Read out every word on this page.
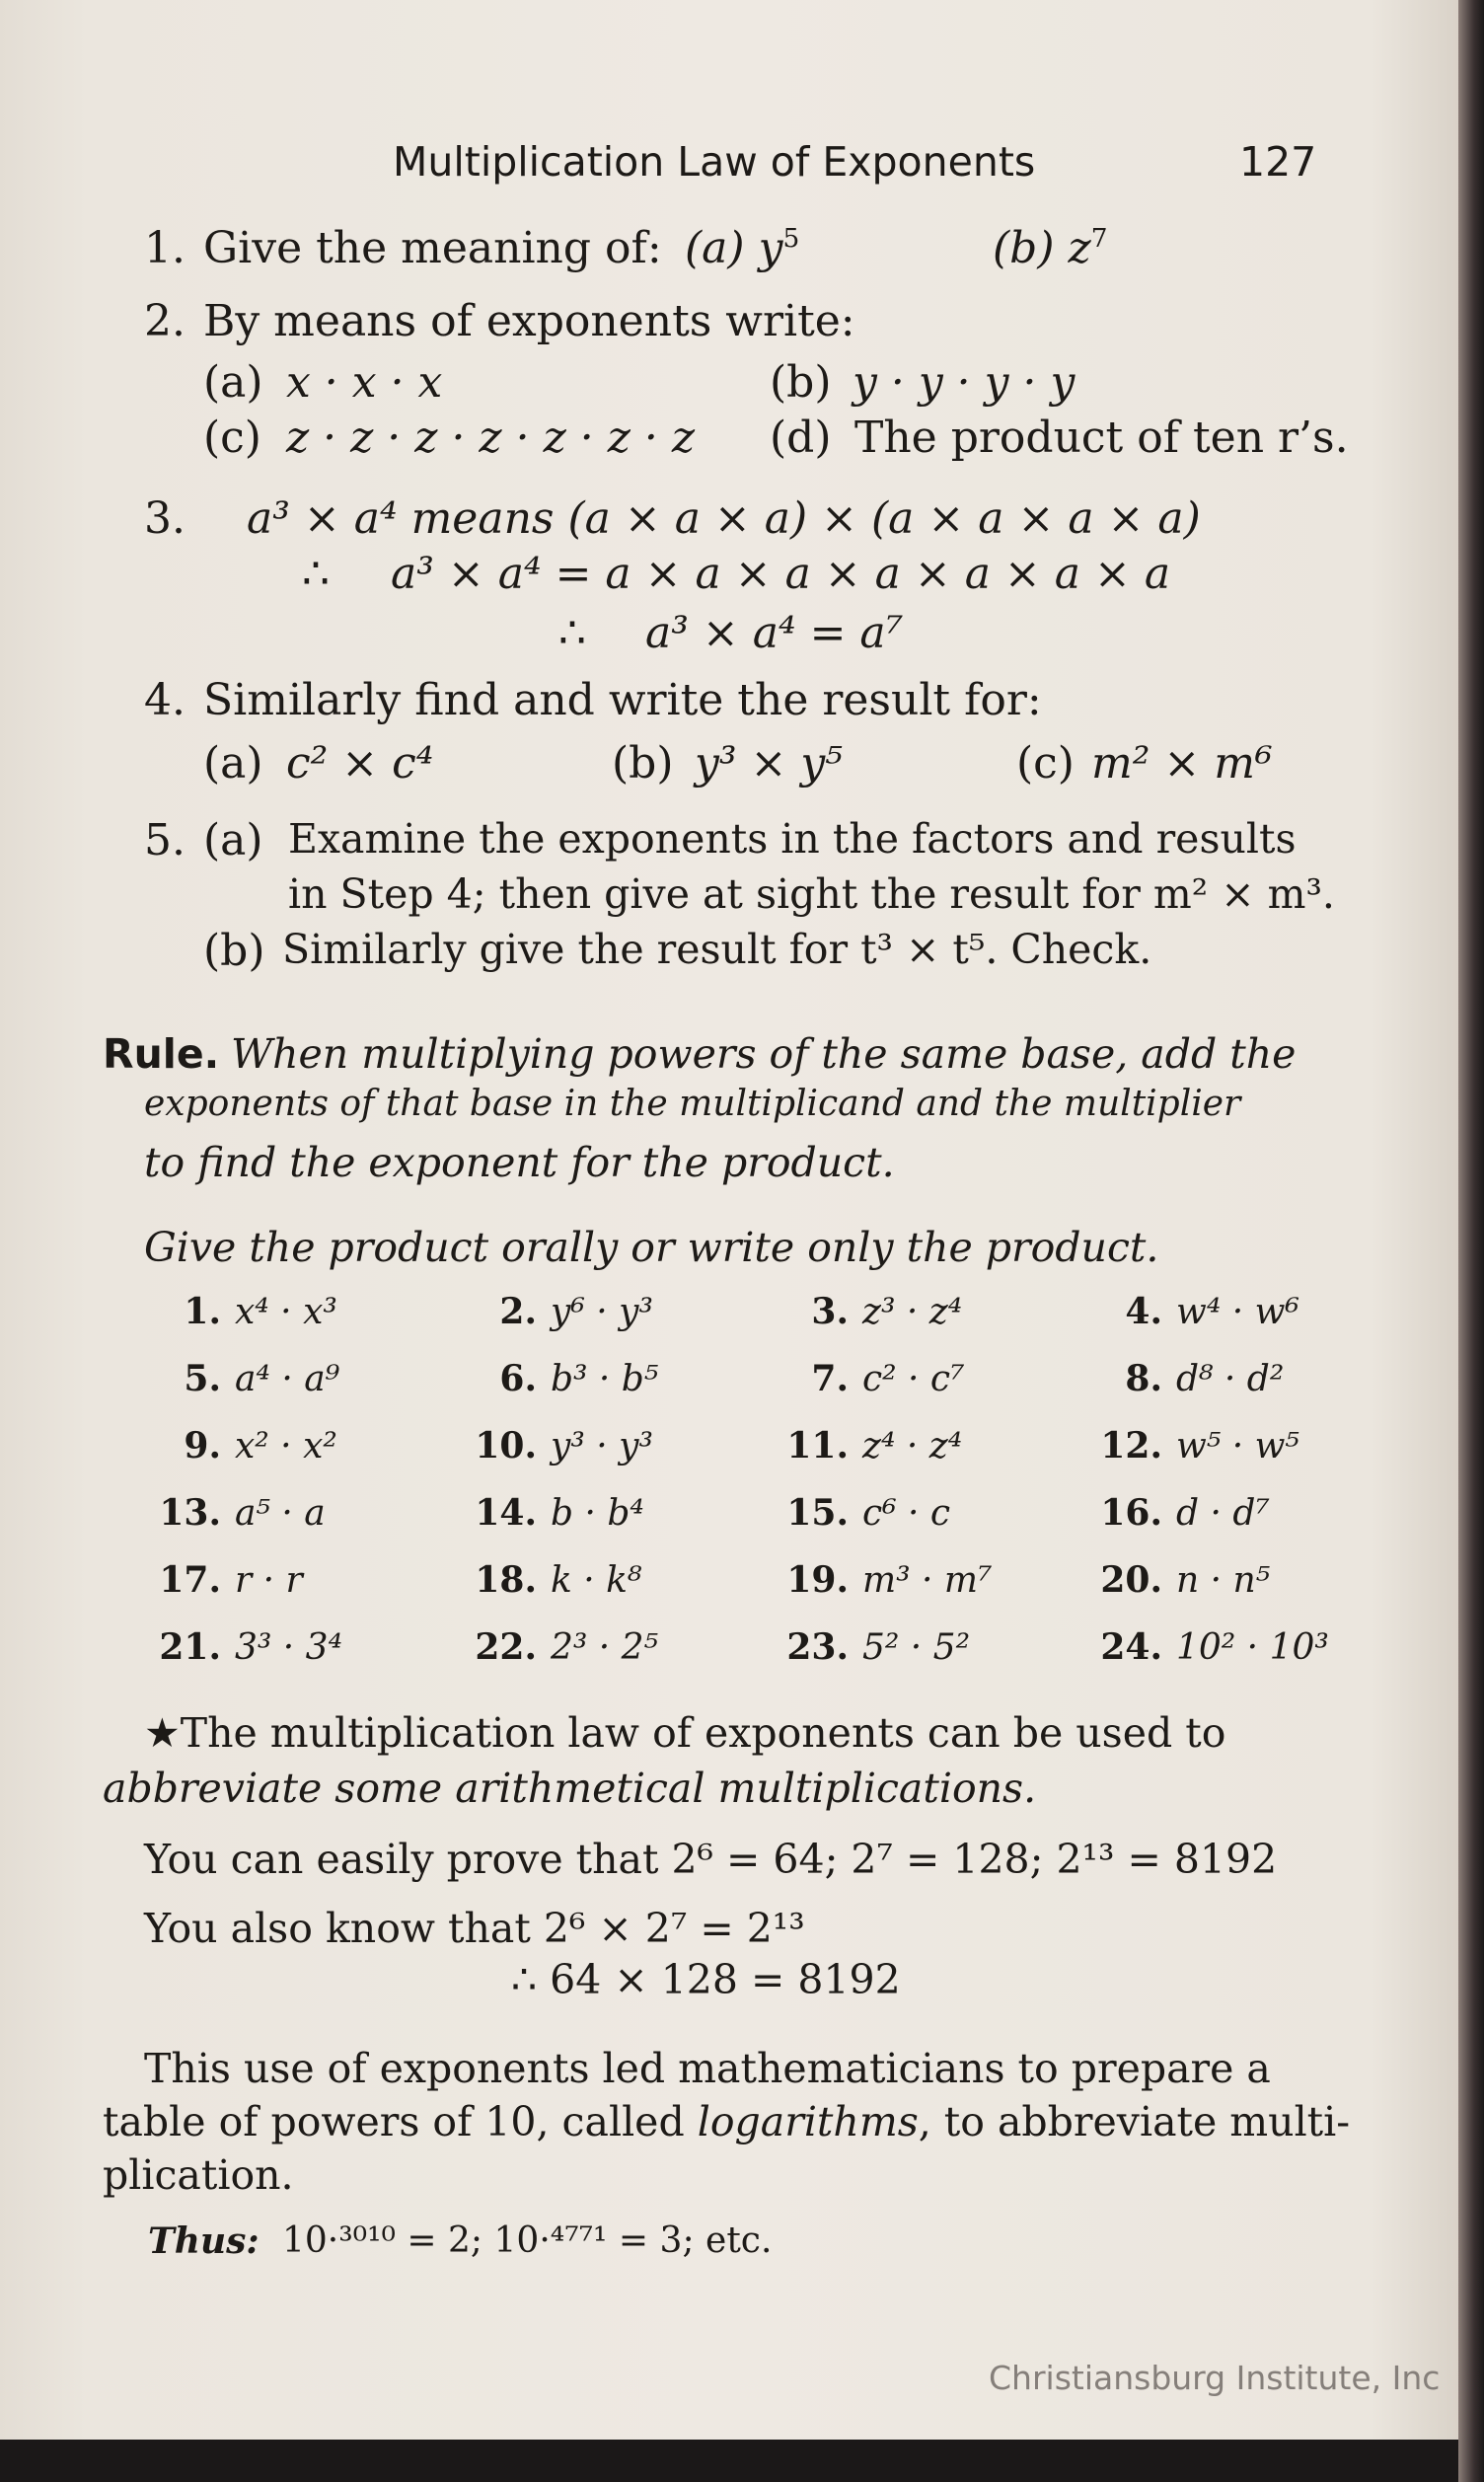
Multiplication Law of Exponents	127
1. Give the meaning of: (a) $y^5$	(b) $z^7$
2. By means of exponents write:
(a) x · x · x	(b) y · y · y · y
(c) z · z · z · z · z · z · z (d) The product of ten r’s.
3. a³ × a⁴ means (a × a × a) × (a × a × a × a)
∴ a³ × a⁴ = a × a × a × a × a × a × a
∴ a³ × a⁴ = a⁷
4. Similarly find and write the result for:
(a) c² × c⁴	(b) y³ × y⁵	(c) m² × m⁶
5. (a) Examine the exponents in the factors and results
in Step 4; then give at sight the result for m² × m³.
(b) Similarly give the result for t³ × t⁵. Check.
Rule. When multiplying powers of the same base, add the
exponents of that base in the multiplicand and the multiplier
to find the exponent for the product.
Give the product orally or write only the product.
1. x⁴ · x³	2. y⁶ · y³	3. z³ · z⁴	4. w⁴ · w⁶
5. a⁴ · a⁹	6. b³ · b⁵	7. c² · c⁷	8. d⁸ · d²
9. x² · x²	10. y³ · y³	11. z⁴ · z⁴	12. w⁵ · w⁵
13. a⁵ · a	14. b · b⁴	15. c⁶ · c	16. d · d⁷
17. r · r	18. k · k⁸	19. m³ · m⁷	20. n · n⁵
21. 3³ · 3⁴	22. 2³ · 2⁵	23. 5² · 5²	24. 10² · 10³
★The multiplication law of exponents can be used to
abbreviate some arithmetical multiplications.
You can easily prove that 2⁶ = 64; 2⁷ = 128; 2¹³ = 8192
You also know that 2⁶ × 2⁷ = 2¹³
∴ 64 × 128 = 8192
This use of exponents led mathematicians to prepare a
table of powers of 10, called logarithms, to abbreviate multi-
plication.
Thus: 10·³⁰¹⁰ = 2; 10·⁴⁷⁷¹ = 3; etc.
Christiansburg Institute, Inc
